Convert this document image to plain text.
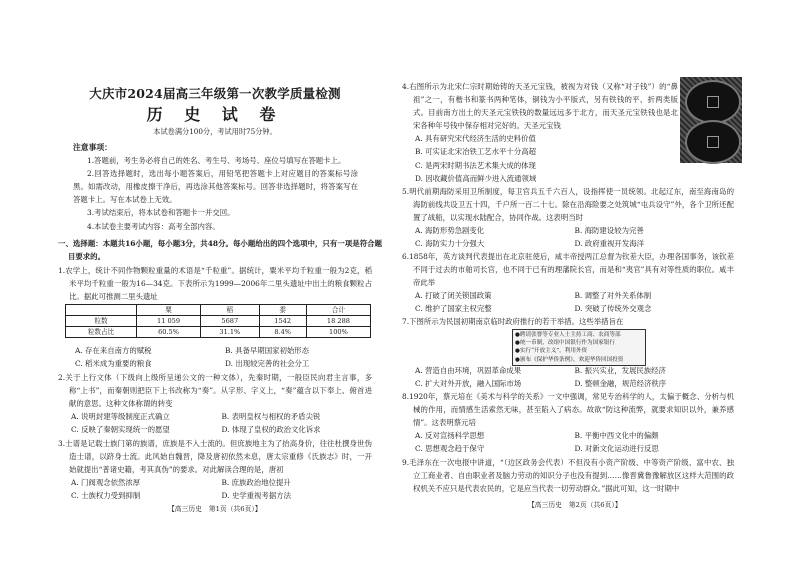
大庆市2024届高三年级第一次教学质量检测
历 史 试 卷
本试卷满分100分，考试用时75分钟。
注意事项：
1.答题前，考生务必将自己的姓名、考生号、考场号、座位号填写在答题卡上。
2.回答选择题时，选出每小题答案后，用铅笔把答题卡上对应题目的答案标号涂黑。如需改动，用橡皮擦干净后，再选涂其他答案标号。回答非选择题时，将答案写在答题卡上。写在本试卷上无效。
3.考试结束后，将本试卷和答题卡一并交回。
4.本试卷主要考试内容：高考全部内容。
一、选择题：本题共16小题，每小题3分，共48分。每小题给出的四个选项中，只有一项是符合题目要求的。
1.农学上，统计不同作物颗粒重量的术语是“千粒重”。据统计，粟米平均千粒重一般为2克，稻米平均千粒重一般为16—34克。下表所示为1999—2006年二里头遗址中出土的粮食颗粒占比。据此可推测二里头遗址
	粟	稻	黍	合计
粒数	11 059	5687	1542	18 288
粒数占比	60.5%	31.1%	8.4%	100%
A. 存在来自南方的赋税	B. 具备早期国家初始形态
C. 稻米成为重要的粮食	D. 出现较完善的社会分工
2.关于上行文体（下级向上级所呈递公文的一种文体），先秦时期，一般臣民向君主言事，多称“上书”，而秦朝则把臣下上书改称为“奏”。从字形、字义上，“奏”蕴含以下奉上、俯首进献的意思。这种文体称谓的转变
A. 说明封建等级制度正式确立	B. 表明皇权与相权的矛盾尖锐
C. 反映了秦朝实现统一的愿望	D. 体现了皇权的政治文化诉求
3.士谱是记载士族门第的族谱，庶族是不入士流的。但庶族地主为了抬高身价，往往杜撰身世伪造士谱，以跻身士流。此风始自魏晋，降及唐初依然未息，唐太宗重修《氏族志》时，一开始就提出“普诸史籍，考其真伪”的要求。对此解读合理的是，唐初
A. 门阀观念依然浓厚	B. 庶族政治地位提升
C. 士族权力受到抑制	D. 史学重视考据方法
【高三历史　第1页（共6页）】
4.右图所示为北宋仁宗时期始铸的天圣元宝钱，被视为对钱（又称“对子钱”）的“鼻祖”之一，有楷书和篆书两种笔体，铜钱为小平版式，另有铁钱的平、折两类版式。目前南方出土的天圣元宝铁钱的数量远远多于北方，而天圣元宝铁钱也是北宋各种年号钱中保存相对完好的。天圣元宝钱
A. 具有研究宋代经济生活的史料价值
B. 可实证北宋冶铁工艺水平十分高超
C. 是两宋时期书法艺术集大成的体现
D. 因收藏价值高而鲜少进入流通领域
5.明代前期海防采用卫所制度，每卫官兵五千六百人，设指挥使一员统领。北起辽东，南至海南岛的海防前线共设卫五十四，千户所一百二十七。除在沿海险要之处筑城“屯兵设守”外，各个卫所还配置了战船，以实现水陆配合，协同作战。这表明当时
A. 海防形势急剧变化	B. 海防建设较为完善
C. 海防实力十分强大	D. 政府重视开发海洋
6.1858年，英方谈判代表提出在北京驻使后，咸丰帝授两江总督为钦差大臣，办理各国事务，该钦差不同于过去的市舶司长官，也不同于已有的理藩院长官，而是和“夷官”具有对等性质的职位。咸丰帝此举
A. 打破了闭关锁国政策	B. 调整了对外关系体制
C. 维护了国家主权完整	D. 突破了传统外交观念
7.下图所示为民国初期南京临时政府推行的若干举措。这些举措旨在
●聘请张謇等专业人士主持工商、农商等部
●统一币制，改组中国银行作为国家银行
●实行“开放主义”，利用外资
●颁布《保护华侨条例》，欢迎华侨回国投资
A. 营造自由环境，巩固革命成果	B. 振兴实业，发展民族经济
C. 扩大对外开放，融入国际市场	D. 整顿金融，规范经济秩序
8.1920年，蔡元培在《美术与科学的关系》一文中强调，常见专治科学的人，太偏于概念、分析与机械的作用，而情感生活索然无味，甚至陷入了病态。故欲“防这种流弊，就要求知识以外，兼养感情”。这表明蔡元培
A. 反对宣扬科学思想	B. 平衡中西文化中的偏颇
C. 思想观念趋于保守	D. 对新文化运动进行反思
9.毛泽东在一次电报中讲道，“（边区政务会代表）不但没有小资产阶级、中等资产阶级、富中农、独立工商业者、自由职业者及脑力劳动的知识分子也没有提到……像晋冀鲁豫解放区这样大范围的政权机关不应只是代表农民的，它是应当代表一切劳动群众。”据此可知，这一时期中
【高三历史　第2页（共6页）】
